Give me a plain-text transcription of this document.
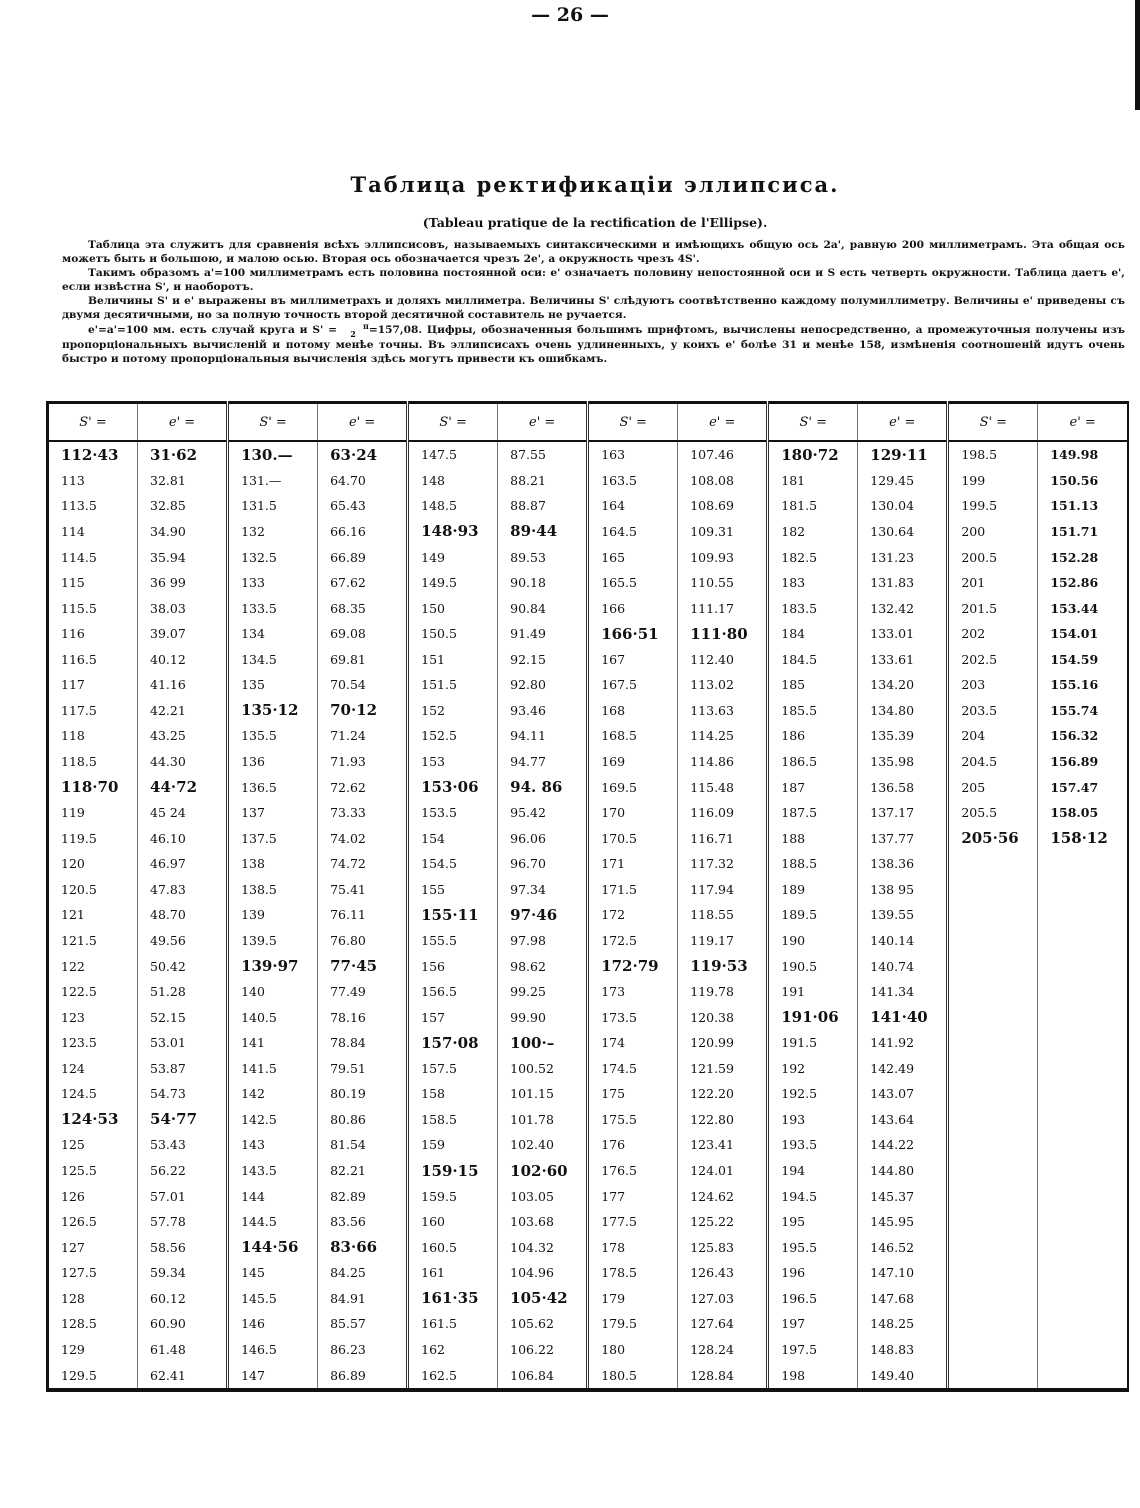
— 26 —
Таблица ректификацiи эллипсиса.
(Tableau pratique de la rectification de l'Ellipse).

Таблица эта служитъ для сравненія всѣхъ эллипсисовъ, называемыхъ синтаксическими и имѣющихъ общую ось 2a', равную 200 миллиметрамъ. Эта общая ось можетъ быть и большою, и малою осью. Вторая ось обозначается чрезъ 2e', а окружность чрезъ 4S'.

Такимъ образомъ a'=100 миллиметрамъ есть половина постоянной оси: e' означаетъ половину непостоянной оси и S есть четверть окружности. Таблица даетъ e', если извѣстна S', и наоборотъ.

Величины S' и e' выражены въ миллиметрахъ и доляхъ миллиметра. Величины S' слѣдуютъ соотвѣтственно каждому полумиллиметру. Величины e' приведены съ двумя десятичными, но за полную точность второй десятичной составитель не ручается.

e'=a'=100 мм. есть случай круга и S' =	π
2 =157,08. Цифры, обозначенныя большимъ шрифтомъ, вычислены непосредственно, а промежуточныя получены изъ пропорціональныхъ вычисленій и потому менѣе точны. Въ эллипсисахъ очень удлиненныхъ, у коихъ e' болѣе 31 и менѣе 158, измѣненія соотношеній идутъ очень быстро и потому пропорціональныя вычисленія здѣсь могутъ привести къ ошибкамъ.

S' =	e' =	S' =	e' =	S' =	e' =	S' =	e' =	S' =	e' =	S' =	e' =
112·43	31·62	130.—	63·24	147.5	87.55	163	107.46	180·72	129·11	198.5	149.98
113	32.81	131.—	64.70	148	88.21	163.5	108.08	181	129.45	199	150.56
113.5	32.85	131.5	65.43	148.5	88.87	164	108.69	181.5	130.04	199.5	151.13
114	34.90	132	66.16	148·93	89·44	164.5	109.31	182	130.64	200	151.71
114.5	35.94	132.5	66.89	149	89.53	165	109.93	182.5	131.23	200.5	152.28
115	36 99	133	67.62	149.5	90.18	165.5	110.55	183	131.83	201	152.86
115.5	38.03	133.5	68.35	150	90.84	166	111.17	183.5	132.42	201.5	153.44
116	39.07	134	69.08	150.5	91.49	166·51	111·80	184	133.01	202	154.01
116.5	40.12	134.5	69.81	151	92.15	167	112.40	184.5	133.61	202.5	154.59
117	41.16	135	70.54	151.5	92.80	167.5	113.02	185	134.20	203	155.16
117.5	42.21	135·12	70·12	152	93.46	168	113.63	185.5	134.80	203.5	155.74
118	43.25	135.5	71.24	152.5	94.11	168.5	114.25	186	135.39	204	156.32
118.5	44.30	136	71.93	153	94.77	169	114.86	186.5	135.98	204.5	156.89
118·70	44·72	136.5	72.62	153·06	94. 86	169.5	115.48	187	136.58	205	157.47
119	45 24	137	73.33	153.5	95.42	170	116.09	187.5	137.17	205.5	158.05
119.5	46.10	137.5	74.02	154	96.06	170.5	116.71	188	137.77	205·56	158·12
120	46.97	138	74.72	154.5	96.70	171	117.32	188.5	138.36		
120.5	47.83	138.5	75.41	155	97.34	171.5	117.94	189	138 95		
121	48.70	139	76.11	155·11	97·46	172	118.55	189.5	139.55		
121.5	49.56	139.5	76.80	155.5	97.98	172.5	119.17	190	140.14		
122	50.42	139·97	77·45	156	98.62	172·79	119·53	190.5	140.74		
122.5	51.28	140	77.49	156.5	99.25	173	119.78	191	141.34		
123	52.15	140.5	78.16	157	99.90	173.5	120.38	191·06	141·40		
123.5	53.01	141	78.84	157·08	100·–	174	120.99	191.5	141.92		
124	53.87	141.5	79.51	157.5	100.52	174.5	121.59	192	142.49		
124.5	54.73	142	80.19	158	101.15	175	122.20	192.5	143.07		
124·53	54·77	142.5	80.86	158.5	101.78	175.5	122.80	193	143.64		
125	53.43	143	81.54	159	102.40	176	123.41	193.5	144.22		
125.5	56.22	143.5	82.21	159·15	102·60	176.5	124.01	194	144.80		
126	57.01	144	82.89	159.5	103.05	177	124.62	194.5	145.37		
126.5	57.78	144.5	83.56	160	103.68	177.5	125.22	195	145.95		
127	58.56	144·56	83·66	160.5	104.32	178	125.83	195.5	146.52		
127.5	59.34	145	84.25	161	104.96	178.5	126.43	196	147.10		
128	60.12	145.5	84.91	161·35	105·42	179	127.03	196.5	147.68		
128.5	60.90	146	85.57	161.5	105.62	179.5	127.64	197	148.25		
129	61.48	146.5	86.23	162	106.22	180	128.24	197.5	148.83		
129.5	62.41	147	86.89	162.5	106.84	180.5	128.84	198	149.40		
